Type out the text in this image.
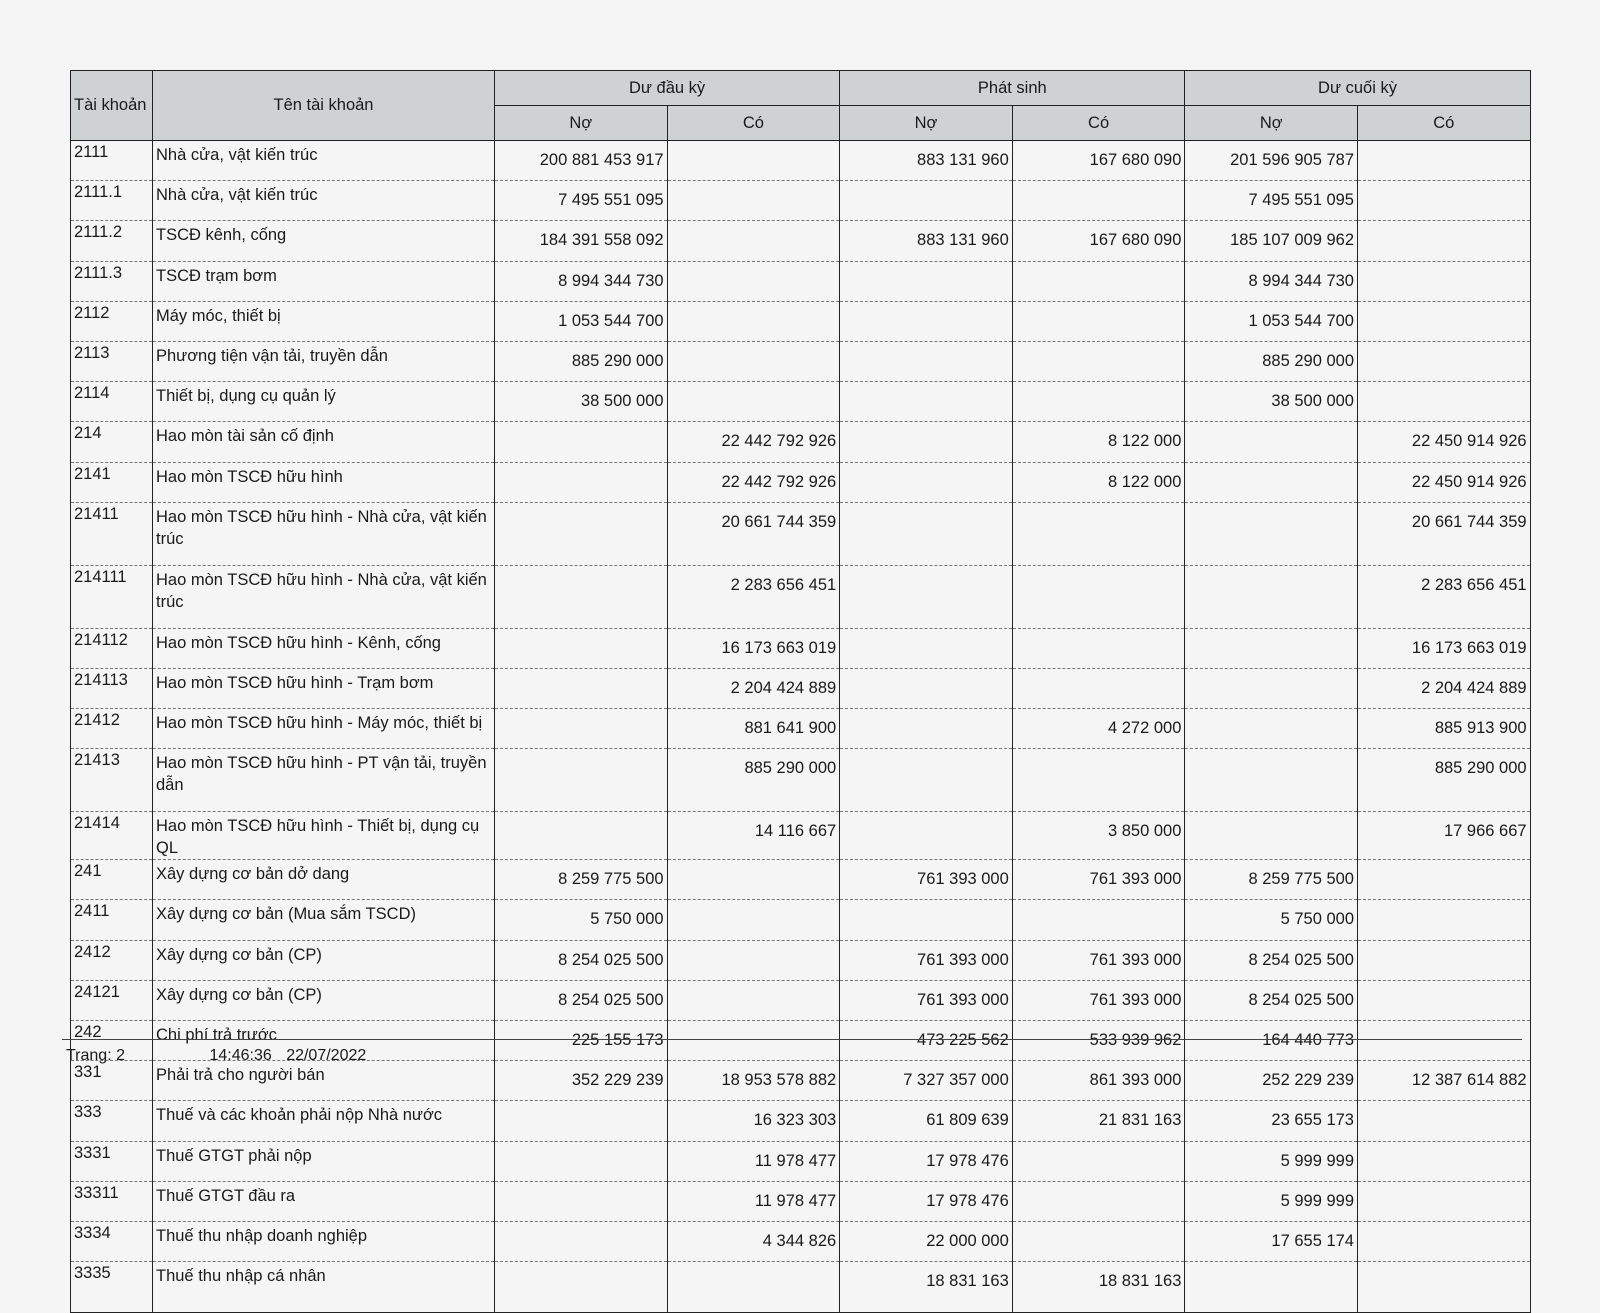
Tài khoản	Tên tài khoản	Dư đầu kỳ		Phát sinh		Dư cuối kỳ	
		Nợ	Có	Nợ	Có	Nợ	Có
2111	Nhà cửa, vật kiến trúc	200 881 453 917		883 131 960	167 680 090	201 596 905 787	
2111.1	Nhà cửa, vật kiến trúc	7 495 551 095				7 495 551 095	
2111.2	TSCĐ kênh, cống	184 391 558 092		883 131 960	167 680 090	185 107 009 962	
2111.3	TSCĐ trạm bơm	8 994 344 730				8 994 344 730	
2112	Máy móc, thiết bị	1 053 544 700				1 053 544 700	
2113	Phương tiện vận tải, truyền dẫn	885 290 000				885 290 000	
2114	Thiết bị, dụng cụ quản lý	38 500 000				38 500 000	
214	Hao mòn tài sản cố định		22 442 792 926		8 122 000		22 450 914 926
2141	Hao mòn TSCĐ hữu hình		22 442 792 926		8 122 000		22 450 914 926
21411	Hao mòn TSCĐ hữu hình - Nhà cửa, vật kiến trúc		20 661 744 359				20 661 744 359
214111	Hao mòn TSCĐ hữu hình - Nhà cửa, vật kiến trúc		2 283 656 451				2 283 656 451
214112	Hao mòn TSCĐ hữu hình - Kênh, cống		16 173 663 019				16 173 663 019
214113	Hao mòn TSCĐ hữu hình - Trạm bơm		2 204 424 889				2 204 424 889
21412	Hao mòn TSCĐ hữu hình - Máy móc, thiết bị		881 641 900		4 272 000		885 913 900
21413	Hao mòn TSCĐ hữu hình - PT vận tải, truyền dẫn		885 290 000				885 290 000
21414	Hao mòn TSCĐ hữu hình - Thiết bị, dụng cụ QL		14 116 667		3 850 000		17 966 667
241	Xây dựng cơ bản dở dang	8 259 775 500		761 393 000	761 393 000	8 259 775 500	
2411	Xây dựng cơ bản (Mua sắm TSCD)	5 750 000				5 750 000	
2412	Xây dựng cơ bản (CP)	8 254 025 500		761 393 000	761 393 000	8 254 025 500	
24121	Xây dựng cơ bản (CP)	8 254 025 500		761 393 000	761 393 000	8 254 025 500	
242	Chi phí trả trước	225 155 173		473 225 562	533 939 962	164 440 773	
331	Phải trả cho người bán	352 229 239	18 953 578 882	7 327 357 000	861 393 000	252 229 239	12 387 614 882
333	Thuế và các khoản phải nộp Nhà nước		16 323 303	61 809 639	21 831 163	23 655 173	
3331	Thuế GTGT phải nộp		11 978 477	17 978 476		5 999 999	
33311	Thuế GTGT đầu ra		11 978 477	17 978 476		5 999 999	
3334	Thuế thu nhập doanh nghiệp		4 344 826	22 000 000		17 655 174	
3335	Thuế thu nhập cá nhân			18 831 163	18 831 163		
Trang: 2	14:46:36 22/07/2022
